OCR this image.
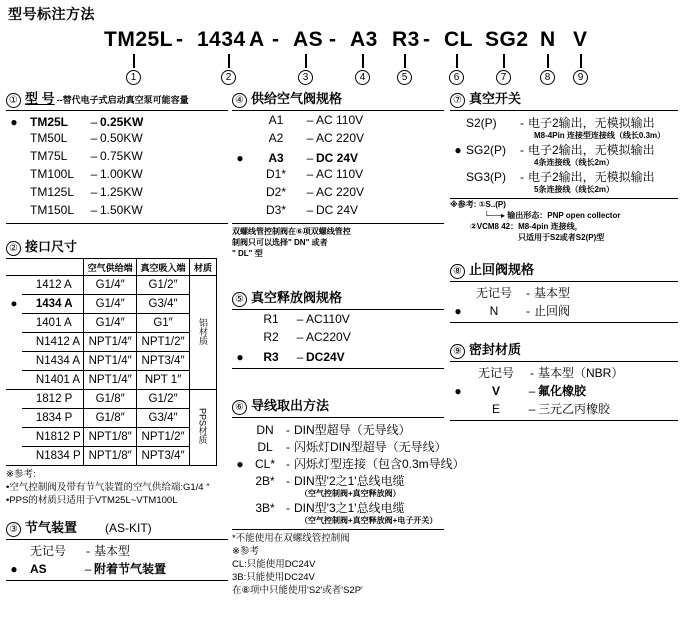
型号标注方法
-	- -	-
TM25L
1
1434
2
A AS
3
A3
4
R3
5
CL
6
SG2
7
N
8
V
9
① 型 号 --替代电子式启动真空泵可能容量
●	TM25L	– 0.25KW
TM50L	– 0.50KW
TM75L	– 0.75KW
TM100L	– 1.00KW
TM125L	– 1.25KW
TM150L	– 1.50KW
② 接口尺寸
		空气供给端	真空吸入端	材质
	1412 A	G1/4″	G1/2″	铝材质
●	1434 A	G1/4″	G3/4″	
	1401 A	G1/4″	G1″	
	N1412 A	NPT1/4″	NPT1/2″	
	N1434 A	NPT1/4″	NPT3/4″	
	N1401 A	NPT1/4″	NPT 1″	
	1812 P	G1/8″	G1/2″	PPS材质
	1834 P	G1/8″	G3/4″	
	N1812 P	NPT1/8″	NPT1/2″	
	N1834 P	NPT1/8″	NPT3/4″	
※参考:
•空气控制阀及带有节气装置的空气供给端:G1/4 ″
•PPS的材质只适用于VTM25L~VTM100L
③ 节气装置 (AS-KIT)
无记号	- 基本型
●	AS	– 附着节气装置
④ 供给空气阀规格
A1	– AC 110V
A2	– AC 220V
●	A3	– DC 24V
D1*	– AC 110V
D2*	– AC 220V
D3*	– DC 24V
双螺线管控制阀在⑥项双螺线管控
制阀只可以选择" DN" 或者
" DL" 型
⑤ 真空释放阀规格
R1	– AC110V
R2	– AC220V
●	R3	– DC24V
⑥ 导线取出方法
DN	- DIN型超导（无导线）
DL	- 闪烁灯DIN型超导（无导线）
● CL* - 闪烁灯型连接（包含0.3m导线）
2B* - DIN型'2之1'总线电缆
（空气控制阀+真空释放阀）
3B* - DIN型'3之1'总线电缆
（空气控制阀+真空释放阀+电子开关）
*不能使用在双螺线管控制阀
※参考
CL:只能使用DC24V
3B:只能使用DC24V
在⑧项中只能使用'S2'或者'S2P'
⑦ 真空开关
S2(P)	- 电子2输出，无模拟输出
M8-4Pin 连接型连接线（线长0.3m）
● SG2(P)	- 电子2输出，无模拟输出
4条连接线（线长2m）
SG3(P)	- 电子2输出，无模拟输出
5条连接线（线长2m）
※参考: ①S..(P)
└──▸ 输出形态：PNP open collector
②VCM8 42：M8-4pin 连接线，
只适用于S2或者S2(P)型
⑧ 止回阀规格
无记号	- 基本型
●	N	- 止回阀
⑨ 密封材质
无记号	- 基本型（NBR）
●	V	– 氟化橡胶
E	– 三元乙丙橡胶
